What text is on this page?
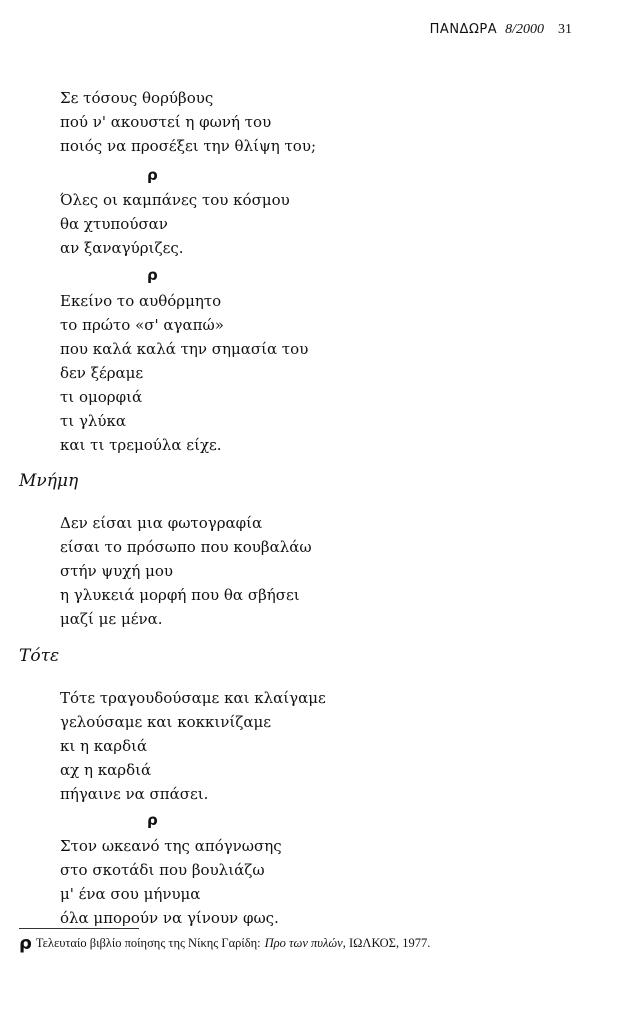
ΠΑΝΔΩΡΑ 8/2000 31
Σε τόσους θορύβους
πού ν' ακουστεί η φωνή του
ποιός να προσέξει την θλίψη του;
ρ
Όλες οι καμπάνες του κόσμου
θα χτυπούσαν
αν ξαναγύριζες.
ρ
Εκείνο το αυθόρμητο
το πρώτο «σ' αγαπώ»
που καλά καλά την σημασία του
δεν ξέραμε
τι ομορφιά
τι γλύκα
και τι τρεμούλα είχε.
Μνήμη
Δεν είσαι μια φωτογραφία
είσαι το πρόσωπο που κουβαλάω
στήν ψυχή μου
η γλυκειά μορφή που θα σβήσει
μαζί με μένα.
Τότε
Τότε τραγουδούσαμε και κλαίγαμε
γελούσαμε και κοκκινίζαμε
κι η καρδιά
αχ η καρδιά
πήγαινε να σπάσει.
ρ
Στον ωκεανό της απόγνωσης
στο σκοτάδι που βουλιάζω
μ' ένα σου μήνυμα
όλα μπορούν να γίνουν φως.
ρ Τελευταίο βιβλίο ποίησης της Νίκης Γαρίδη: Προ των πυλών , ΙΩΛΚΟΣ, 1977.
